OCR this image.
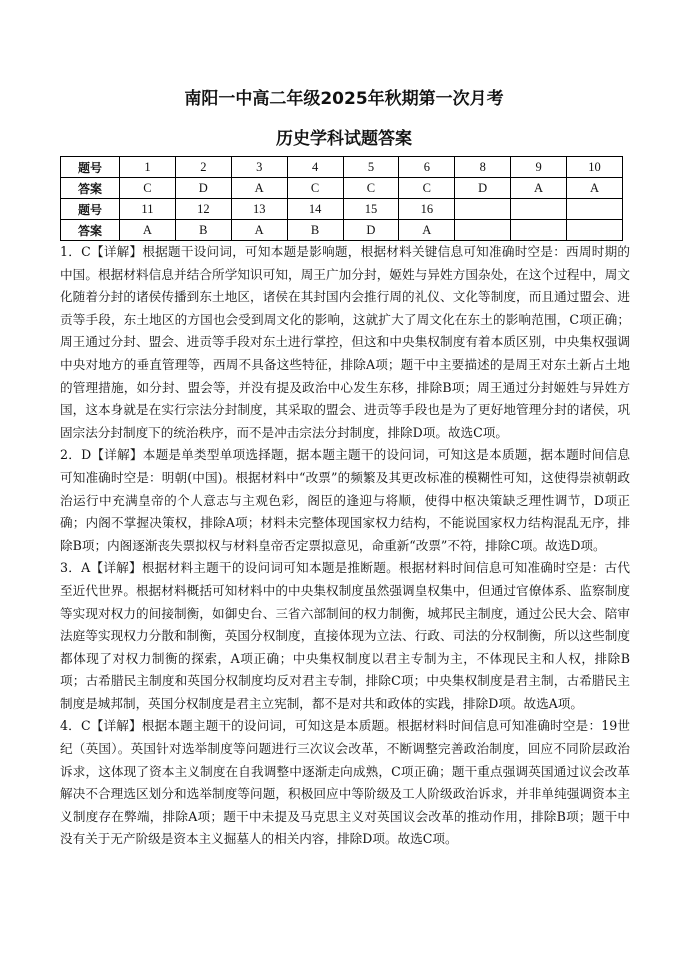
南阳一中高二年级2025年秋期第一次月考
历史学科试题答案
题号	1	2	3	4	5	6	8	9	10
答案	C	D	A	C	C	C	D	A	A
题号	11	12	13	14	15	16			
答案	A	B	A	B	D	A			

1．C【详解】根据题干设问词，可知本题是影响题，根据材料关键信息可知准确时空是：西周时期的中国。根据材料信息并结合所学知识可知，周王广加分封，姬姓与异姓方国杂处，在这个过程中，周文化随着分封的诸侯传播到东土地区，诸侯在其封国内会推行周的礼仪、文化等制度，而且通过盟会、进贡等手段，东土地区的方国也会受到周文化的影响，这就扩大了周文化在东土的影响范围，C项正确；周王通过分封、盟会、进贡等手段对东土进行掌控，但这和中央集权制度有着本质区别，中央集权强调中央对地方的垂直管理等，西周不具备这些特征，排除A项；题干中主要描述的是周王对东土新占土地的管理措施，如分封、盟会等，并没有提及政治中心发生东移，排除B项；周王通过分封姬姓与异姓方国，这本身就是在实行宗法分封制度，其采取的盟会、进贡等手段也是为了更好地管理分封的诸侯，巩固宗法分封制度下的统治秩序，而不是冲击宗法分封制度，排除D项。故选C项。

2．D【详解】本题是单类型单项选择题，据本题主题干的设问词，可知这是本质题，据本题时间信息可知准确时空是：明朝(中国)。根据材料中“改票”的频繁及其更改标准的模糊性可知，这使得崇祯朝政治运行中充满皇帝的个人意志与主观色彩，阁臣的逢迎与将顺，使得中枢决策缺乏理性调节，D项正确；内阁不掌握决策权，排除A项；材料未完整体现国家权力结构，不能说国家权力结构混乱无序，排除B项；内阁逐渐丧失票拟权与材料皇帝否定票拟意见，命重新“改票”不符，排除C项。故选D项。

3．A【详解】根据材料主题干的设问词可知本题是推断题。根据材料时间信息可知准确时空是：古代至近代世界。根据材料概括可知材料中的中央集权制度虽然强调皇权集中，但通过官僚体系、监察制度等实现对权力的间接制衡，如御史台、三省六部制间的权力制衡，城邦民主制度，通过公民大会、陪审法庭等实现权力分散和制衡，英国分权制度，直接体现为立法、行政、司法的分权制衡，所以这些制度都体现了对权力制衡的探索，A项正确；中央集权制度以君主专制为主，不体现民主和人权，排除B项；古希腊民主制度和英国分权制度均反对君主专制，排除C项；中央集权制度是君主制，古希腊民主制度是城邦制，英国分权制度是君主立宪制，都不是对共和政体的实践，排除D项。故选A项。

4．C【详解】根据本题主题干的设问词，可知这是本质题。根据材料时间信息可知准确时空是：19世纪（英国）。英国针对选举制度等问题进行三次议会改革，不断调整完善政治制度，回应不同阶层政治诉求，这体现了资本主义制度在自我调整中逐渐走向成熟，C项正确；题干重点强调英国通过议会改革解决不合理选区划分和选举制度等问题，积极回应中等阶级及工人阶级政治诉求，并非单纯强调资本主义制度存在弊端，排除A项；题干中未提及马克思主义对英国议会改革的推动作用，排除B项；题干中没有关于无产阶级是资本主义掘墓人的相关内容，排除D项。故选C项。
